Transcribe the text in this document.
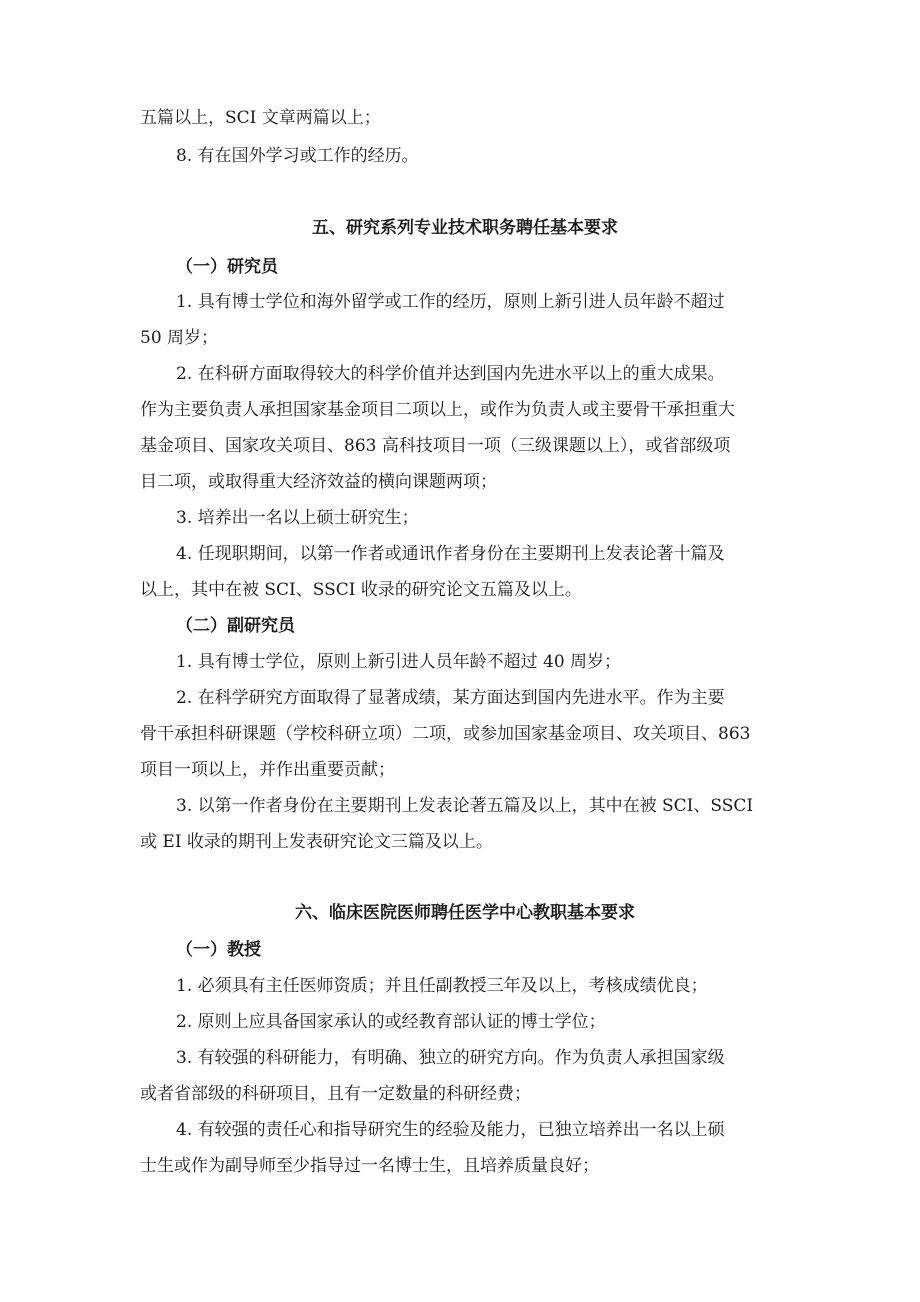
五篇以上，SCI 文章两篇以上；
8. 有在国外学习或工作的经历。
五、研究系列专业技术职务聘任基本要求
（一）研究员
1. 具有博士学位和海外留学或工作的经历，原则上新引进人员年龄不超过
50 周岁；
2. 在科研方面取得较大的科学价值并达到国内先进水平以上的重大成果。
作为主要负责人承担国家基金项目二项以上，或作为负责人或主要骨干承担重大
基金项目、国家攻关项目、863 高科技项目一项（三级课题以上），或省部级项
目二项，或取得重大经济效益的横向课题两项；
3. 培养出一名以上硕士研究生；
4. 任现职期间，以第一作者或通讯作者身份在主要期刊上发表论著十篇及
以上，其中在被 SCI、SSCI 收录的研究论文五篇及以上。
（二）副研究员
1. 具有博士学位，原则上新引进人员年龄不超过 40 周岁；
2. 在科学研究方面取得了显著成绩，某方面达到国内先进水平。作为主要
骨干承担科研课题（学校科研立项）二项，或参加国家基金项目、攻关项目、863
项目一项以上，并作出重要贡献；
3. 以第一作者身份在主要期刊上发表论著五篇及以上，其中在被 SCI、SSCI
或 EI 收录的期刊上发表研究论文三篇及以上。
六、临床医院医师聘任医学中心教职基本要求
（一）教授
1. 必须具有主任医师资质；并且任副教授三年及以上，考核成绩优良；
2. 原则上应具备国家承认的或经教育部认证的博士学位；
3. 有较强的科研能力，有明确、独立的研究方向。作为负责人承担国家级
或者省部级的科研项目，且有一定数量的科研经费；
4. 有较强的责任心和指导研究生的经验及能力，已独立培养出一名以上硕
士生或作为副导师至少指导过一名博士生，且培养质量良好；
